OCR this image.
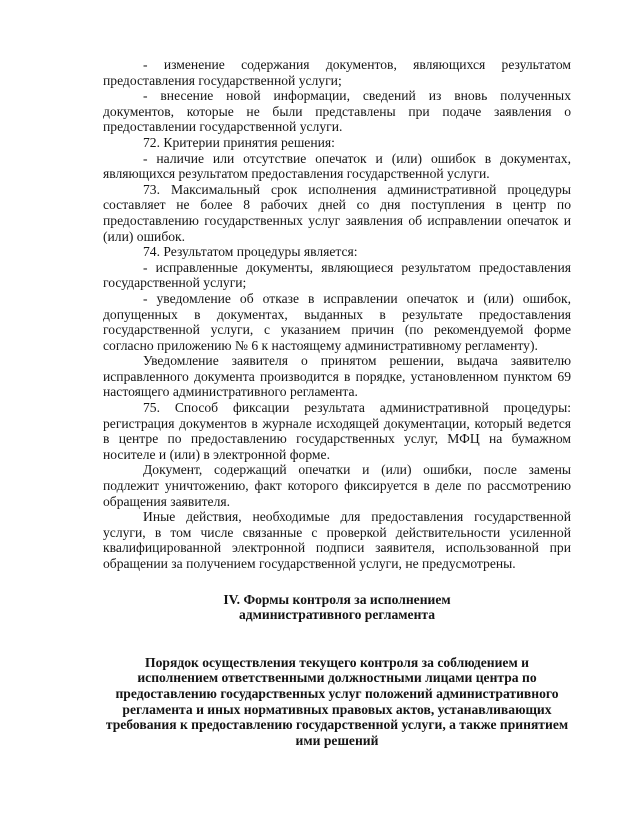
- изменение содержания документов, являющихся результатом предоставления государственной услуги;

- внесение новой информации, сведений из вновь полученных документов, которые не были представлены при подаче заявления о предоставлении государственной услуги.

72. Критерии принятия решения:

- наличие или отсутствие опечаток и (или) ошибок в документах, являющихся результатом предоставления государственной услуги.

73. Максимальный срок исполнения административной процедуры составляет не более 8 рабочих дней со дня поступления в центр по предоставлению государственных услуг заявления об исправлении опечаток и (или) ошибок.

74. Результатом процедуры является:

- исправленные документы, являющиеся результатом предоставления государственной услуги;

- уведомление об отказе в исправлении опечаток и (или) ошибок, допущенных в документах, выданных в результате предоставления государственной услуги, с указанием причин (по рекомендуемой форме согласно приложению № 6 к настоящему административному регламенту).

Уведомление заявителя о принятом решении, выдача заявителю исправленного документа производится в порядке, установленном пунктом 69 настоящего административного регламента.

75. Способ фиксации результата административной процедуры: регистрация документов в журнале исходящей документации, который ведется в центре по предоставлению государственных услуг, МФЦ на бумажном носителе и (или) в электронной форме.

Документ, содержащий опечатки и (или) ошибки, после замены подлежит уничтожению, факт которого фиксируется в деле по рассмотрению обращения заявителя.

Иные действия, необходимые для предоставления государственной услуги, в том числе связанные с проверкой действительности усиленной квалифицированной электронной подписи заявителя, использованной при обращении за получением государственной услуги, не предусмотрены.

IV. Формы контроля за исполнением
административного регламента

Порядок осуществления текущего контроля за соблюдением и исполнением ответственными должностными лицами центра по предоставлению государственных услуг положений административного регламента и иных нормативных правовых актов, устанавливающих требования к предоставлению государственной услуги, а также принятием ими решений
